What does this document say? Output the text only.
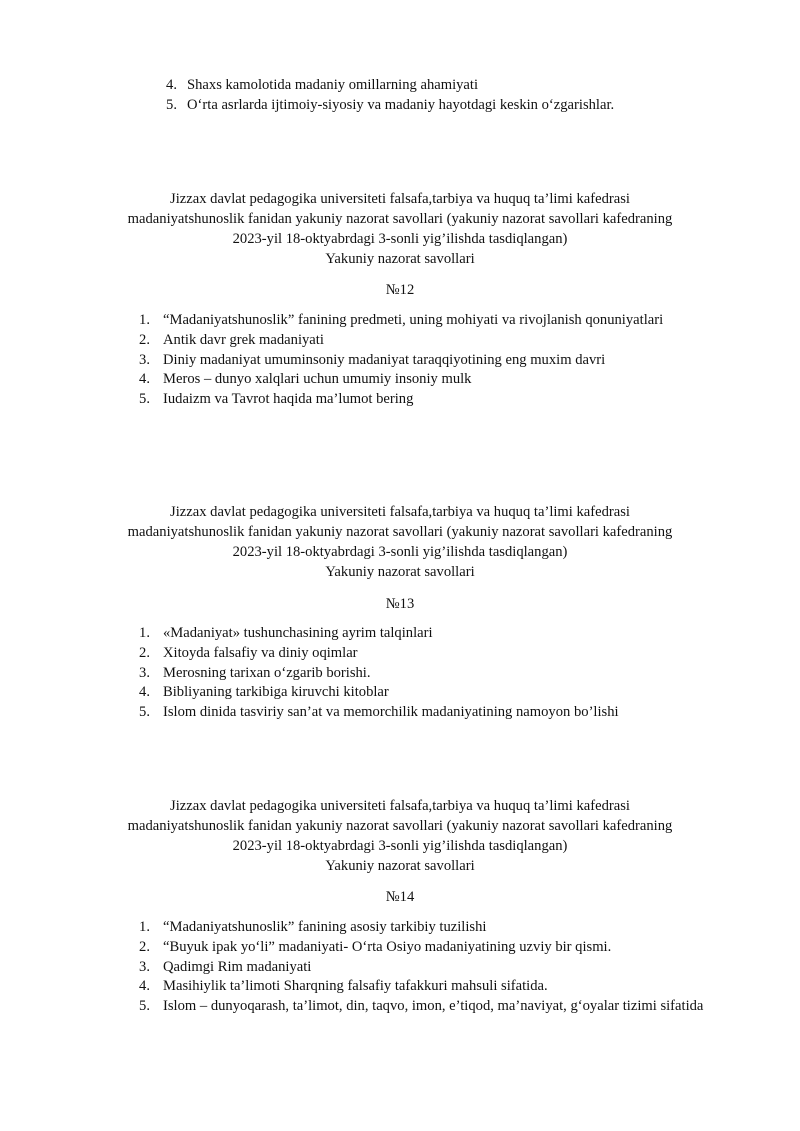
4. Shaxs kamolotida madaniy omillarning ahamiyati
5. O‘rta asrlarda ijtimoiy-siyosiy va madaniy hayotdagi keskin o‘zgarishlar.
Jizzax davlat pedagogika universiteti falsafa,tarbiya va huquq ta’limi kafedrasi
madaniyatshunoslik fanidan yakuniy nazorat savollari (yakuniy nazorat savollari kafedraning
2023-yil 18-oktyabrdagi 3-sonli yig’ilishda tasdiqlangan)
Yakuniy nazorat savollari
№12
1. “Madaniyatshunoslik” fanining predmeti, uning mohiyati va rivojlanish qonuniyatlari
2. Antik davr grek madaniyati
3. Diniy madaniyat umuminsoniy madaniyat taraqqiyotining eng muxim davri
4. Meros – dunyo xalqlari uchun umumiy insoniy mulk
5. Iudaizm va Tavrot haqida ma’lumot bering
Jizzax davlat pedagogika universiteti falsafa,tarbiya va huquq ta’limi kafedrasi
madaniyatshunoslik fanidan yakuniy nazorat savollari (yakuniy nazorat savollari kafedraning
2023-yil 18-oktyabrdagi 3-sonli yig’ilishda tasdiqlangan)
Yakuniy nazorat savollari
№13
1. «Madaniyat» tushunchasining ayrim talqinlari
2. Xitoyda falsafiy va diniy oqimlar
3. Merosning tarixan o‘zgarib borishi.
4. Bibliyaning tarkibiga kiruvchi kitoblar
5. Islom dinida tasviriy san’at va memorchilik madaniyatining namoyon bo’lishi
Jizzax davlat pedagogika universiteti falsafa,tarbiya va huquq ta’limi kafedrasi
madaniyatshunoslik fanidan yakuniy nazorat savollari (yakuniy nazorat savollari kafedraning
2023-yil 18-oktyabrdagi 3-sonli yig’ilishda tasdiqlangan)
Yakuniy nazorat savollari
№14
1. “Madaniyatshunoslik” fanining asosiy tarkibiy tuzilishi
2. “Buyuk ipak yo‘li” madaniyati- O‘rta Osiyo madaniyatining uzviy bir qismi.
3. Qadimgi Rim madaniyati
4. Masihiylik ta’limoti Sharqning falsafiy tafakkuri mahsuli sifatida.
5. Islom – dunyoqarash, ta’limot, din, taqvo, imon, e’tiqod, ma’naviyat, g‘oyalar tizimi sifatida
